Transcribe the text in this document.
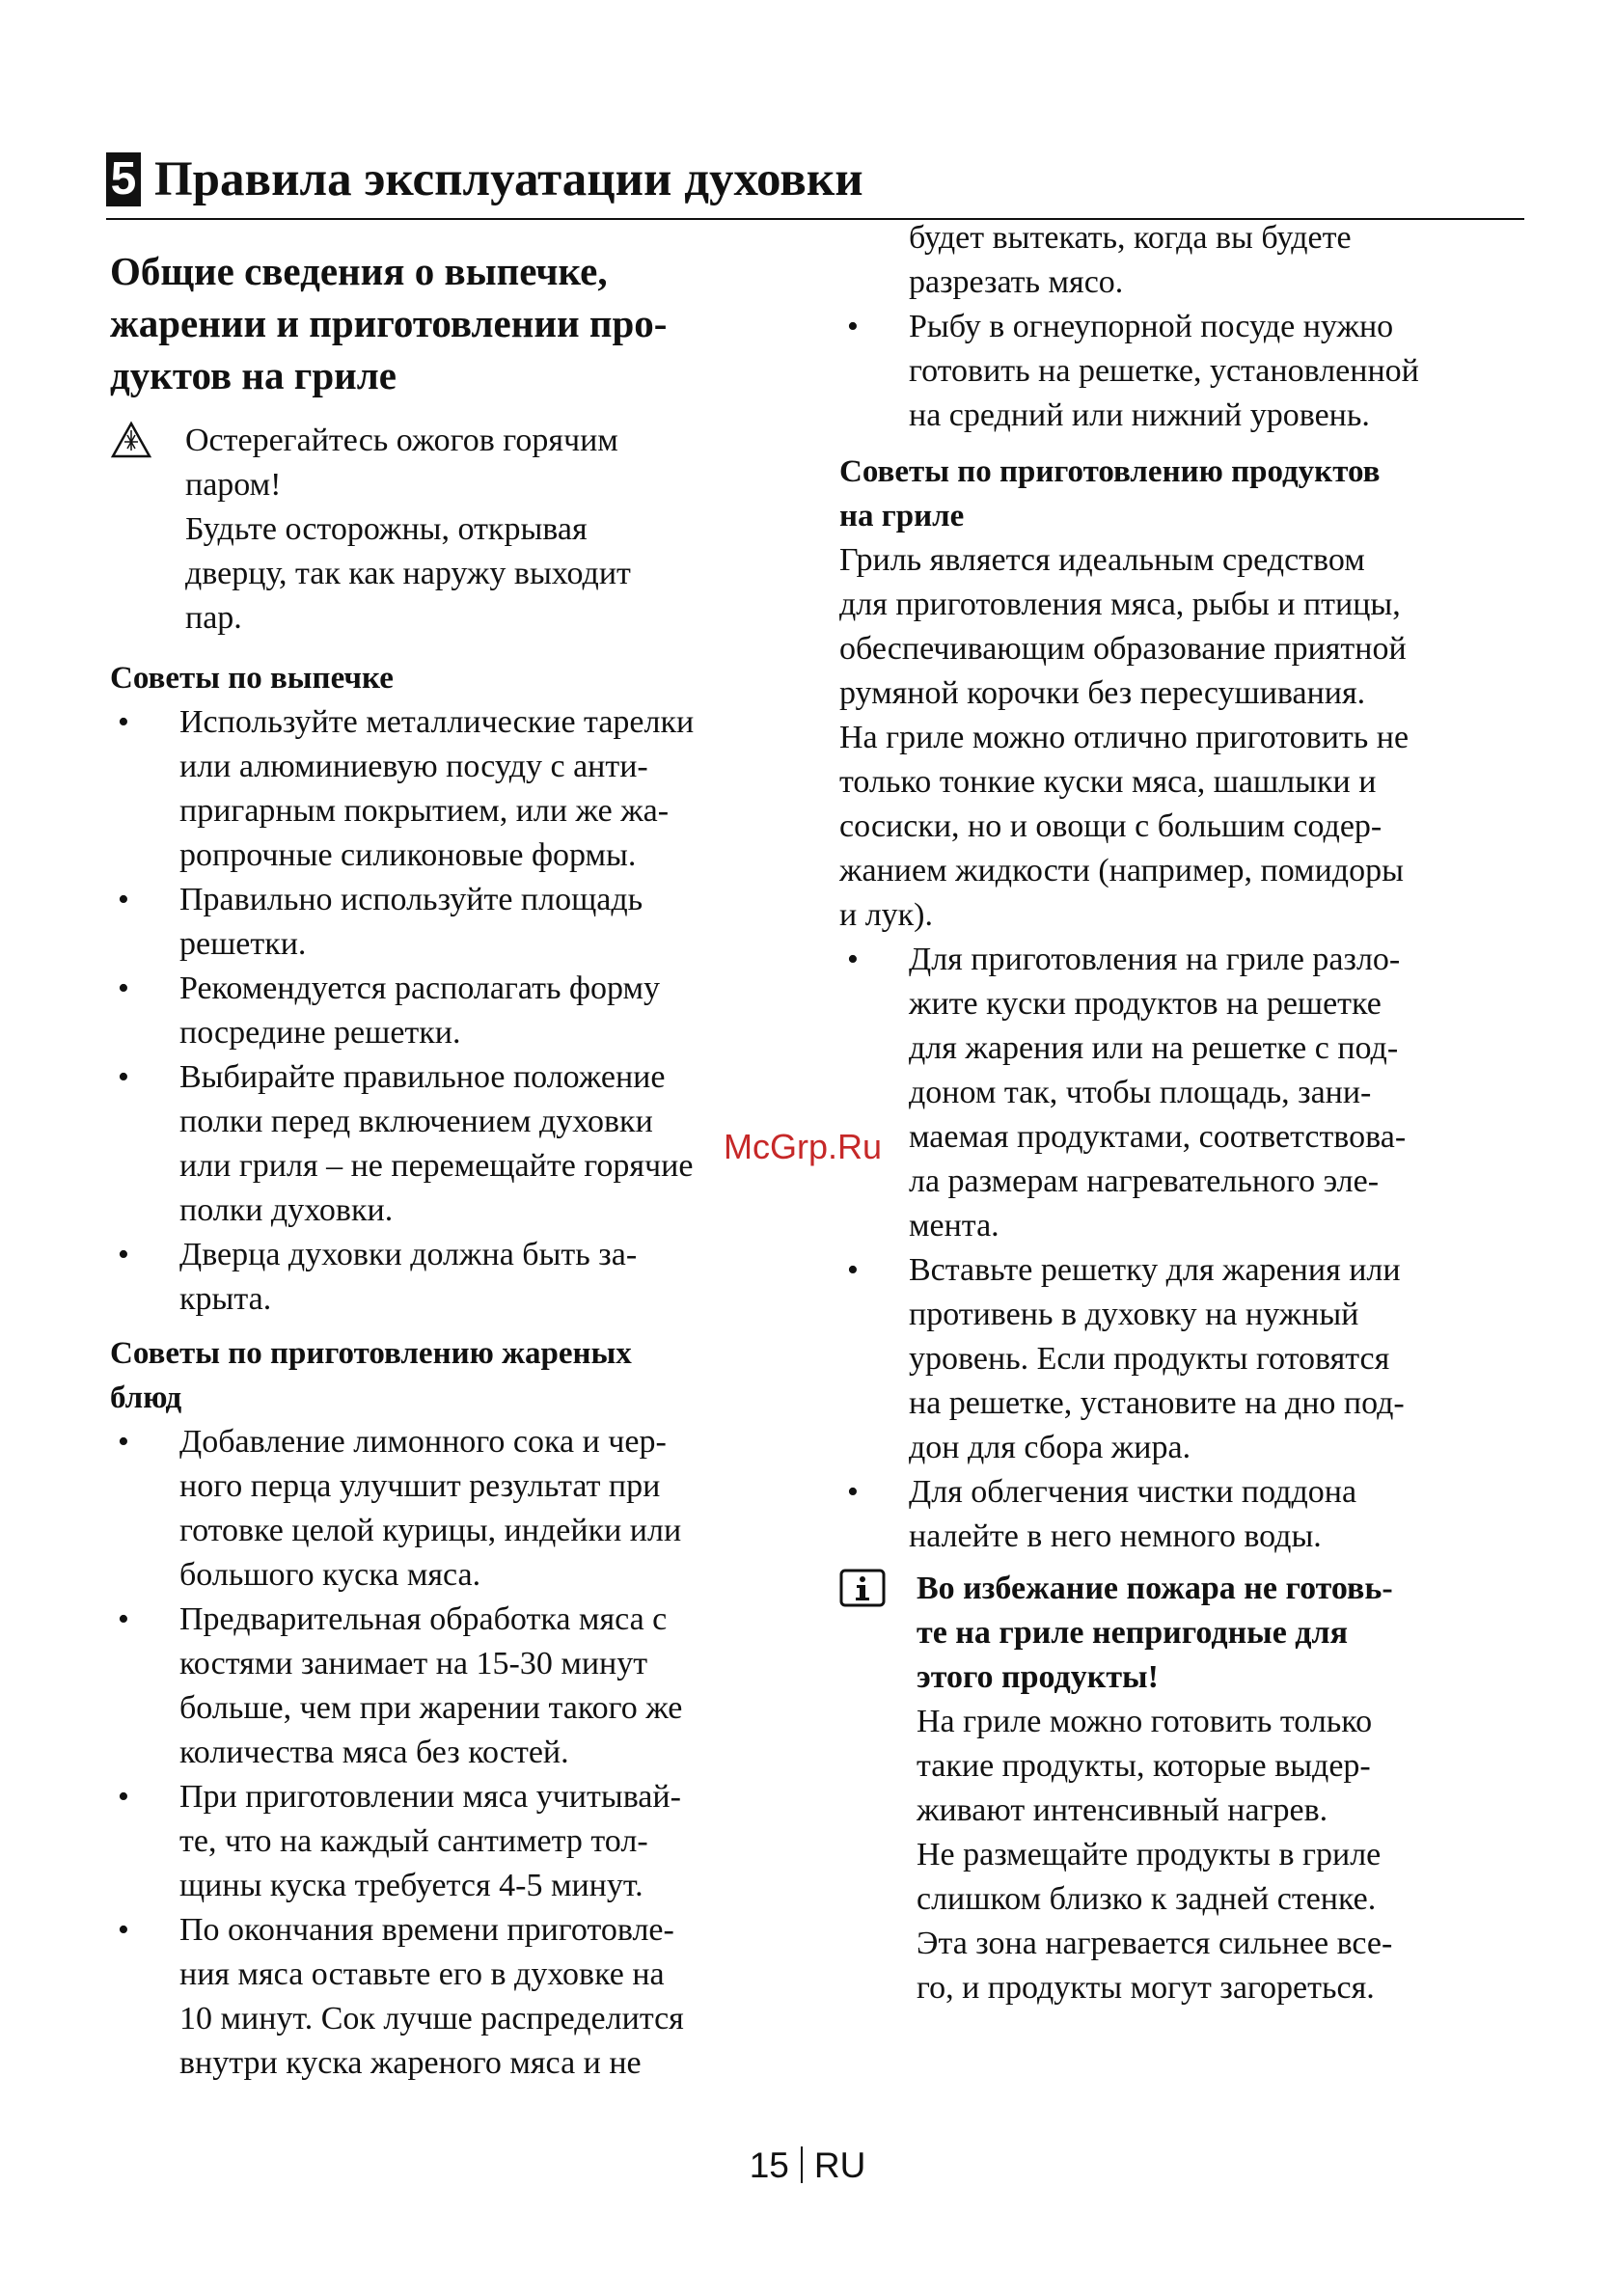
5 Правила эксплуатации духовки
Общие сведения о выпечке,
жарении и приготовлении про-
дуктов на гриле
Остерегайтесь ожогов горячим
паром!
Будьте осторожны, открывая
дверцу, так как наружу выходит
пар.
Советы по выпечке
• Используйте металлические тарелки
или алюминиевую посуду с анти-
пригарным покрытием, или же жа-
ропрочные силиконовые формы.
• Правильно используйте площадь
решетки.
• Рекомендуется располагать форму
посредине решетки.
• Выбирайте правильное положение
полки перед включением духовки
или гриля – не перемещайте горячие
полки духовки.
• Дверца духовки должна быть за-
крыта.
Советы по приготовлению жареных
блюд
• Добавление лимонного сока и чер-
ного перца улучшит результат при
готовке целой курицы, индейки или
большого куска мяса.
• Предварительная обработка мяса с
костями занимает на 15-30 минут
больше, чем при жарении такого же
количества мяса без костей.
• При приготовлении мяса учитывай-
те, что на каждый сантиметр тол-
щины куска требуется 4-5 минут.
• По окончания времени приготовле-
ния мяса оставьте его в духовке на
10 минут. Сок лучше распределится
внутри куска жареного мяса и не
будет вытекать, когда вы будете
разрезать мясо.
• Рыбу в огнеупорной посуде нужно
готовить на решетке, установленной
на средний или нижний уровень.
Советы по приготовлению продуктов
на гриле
Гриль является идеальным средством
для приготовления мяса, рыбы и птицы,
обеспечивающим образование приятной
румяной корочки без пересушивания.
На гриле можно отлично приготовить не
только тонкие куски мяса, шашлыки и
сосиски, но и овощи с большим содер-
жанием жидкости (например, помидоры
и лук).
• Для приготовления на гриле разло-
жите куски продуктов на решетке
для жарения или на решетке с под-
доном так, чтобы площадь, зани-
маемая продуктами, соответствова-
ла размерам нагревательного эле-
мента.
• Вставьте решетку для жарения или
противень в духовку на нужный
уровень. Если продукты готовятся
на решетке, установите на дно под-
дон для сбора жира.
• Для облегчения чистки поддона
налейте в него немного воды.
Во избежание пожара не готовь-
те на гриле непригодные для
этого продукты!
На гриле можно готовить только
такие продукты, которые выдер-
живают интенсивный нагрев.
Не размещайте продукты в гриле
слишком близко к задней стенке.
Эта зона нагревается сильнее все-
го, и продукты могут загореться.
McGrp.Ru
15 RU
